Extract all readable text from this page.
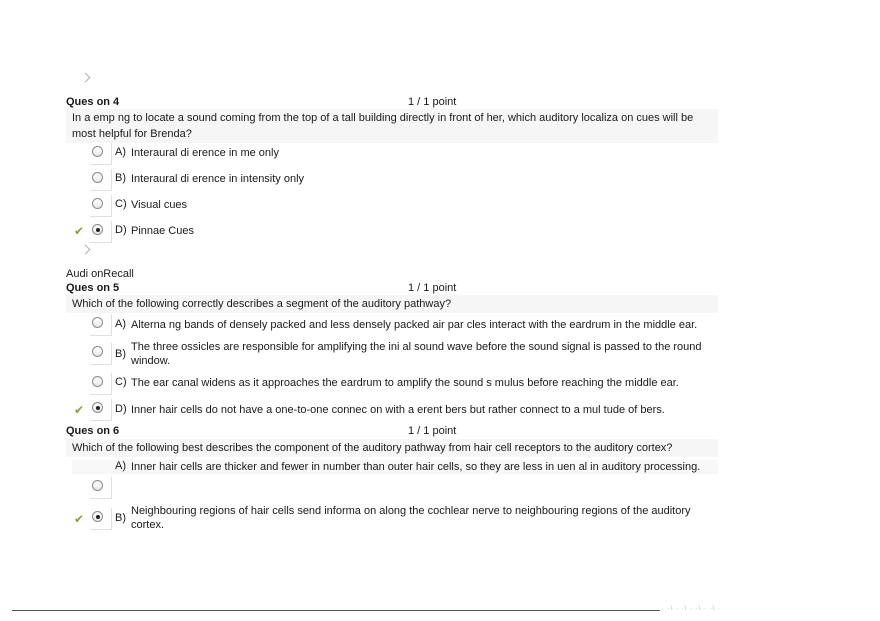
Ques on 4	1 / 1 point
In a emp ng to locate a sound coming from the top of a tall building directly in front of her, which auditory localiza on cues will be most helpful for Brenda?
A) Interaural di erence in me only
B) Interaural di erence in intensity only
C) Visual cues
✔	D) Pinnae Cues
Audi onRecall
Ques on 5	1 / 1 point
Which of the following correctly describes a segment of the auditory pathway?
A) Alterna ng bands of densely packed and less densely packed air par cles interact with the eardrum in the middle ear.
B)
The three ossicles are responsible for amplifying the ini al sound wave before the sound signal is passed to the round window.
C) The ear canal widens as it approaches the eardrum to amplify the sound s mulus before reaching the middle ear.
✔	D) Inner hair cells do not have a one-to-one connec on with a erent bers but rather connect to a mul tude of bers.
Ques on 6	1 / 1 point
Which of the following best describes the component of the auditory pathway from hair cell receptors to the auditory cortex?
A) Inner hair cells are thicker and fewer in number than outer hair cells, so they are less in uen al in auditory processing.
✔	B)
Neighbouring regions of hair cells send informa on along the cochlear nerve to neighbouring regions of the auditory cortex.
· ·\ · ·\ · ·\ · ·\ ·
